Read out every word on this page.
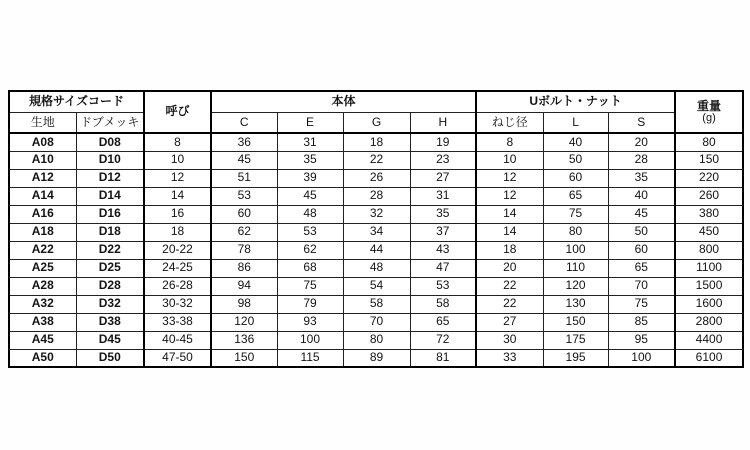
規格サイズコード		呼び	本体				Uボルト・ナット			重量
(g)

生地	ドブメッキ		C	E	G	H	ねじ径	L	S	
A08	D08	8	36	31	18	19	8	40	20	80
A10	D10	10	45	35	22	23	10	50	28	150
A12	D12	12	51	39	26	27	12	60	35	220
A14	D14	14	53	45	28	31	12	65	40	260
A16	D16	16	60	48	32	35	14	75	45	380
A18	D18	18	62	53	34	37	14	80	50	450
A22	D22	20-22	78	62	44	43	18	100	60	800
A25	D25	24-25	86	68	48	47	20	110	65	1100
A28	D28	26-28	94	75	54	53	22	120	70	1500
A32	D32	30-32	98	79	58	58	22	130	75	1600
A38	D38	33-38	120	93	70	65	27	150	85	2800
A45	D45	40-45	136	100	80	72	30	175	95	4400
A50	D50	47-50	150	115	89	81	33	195	100	6100
